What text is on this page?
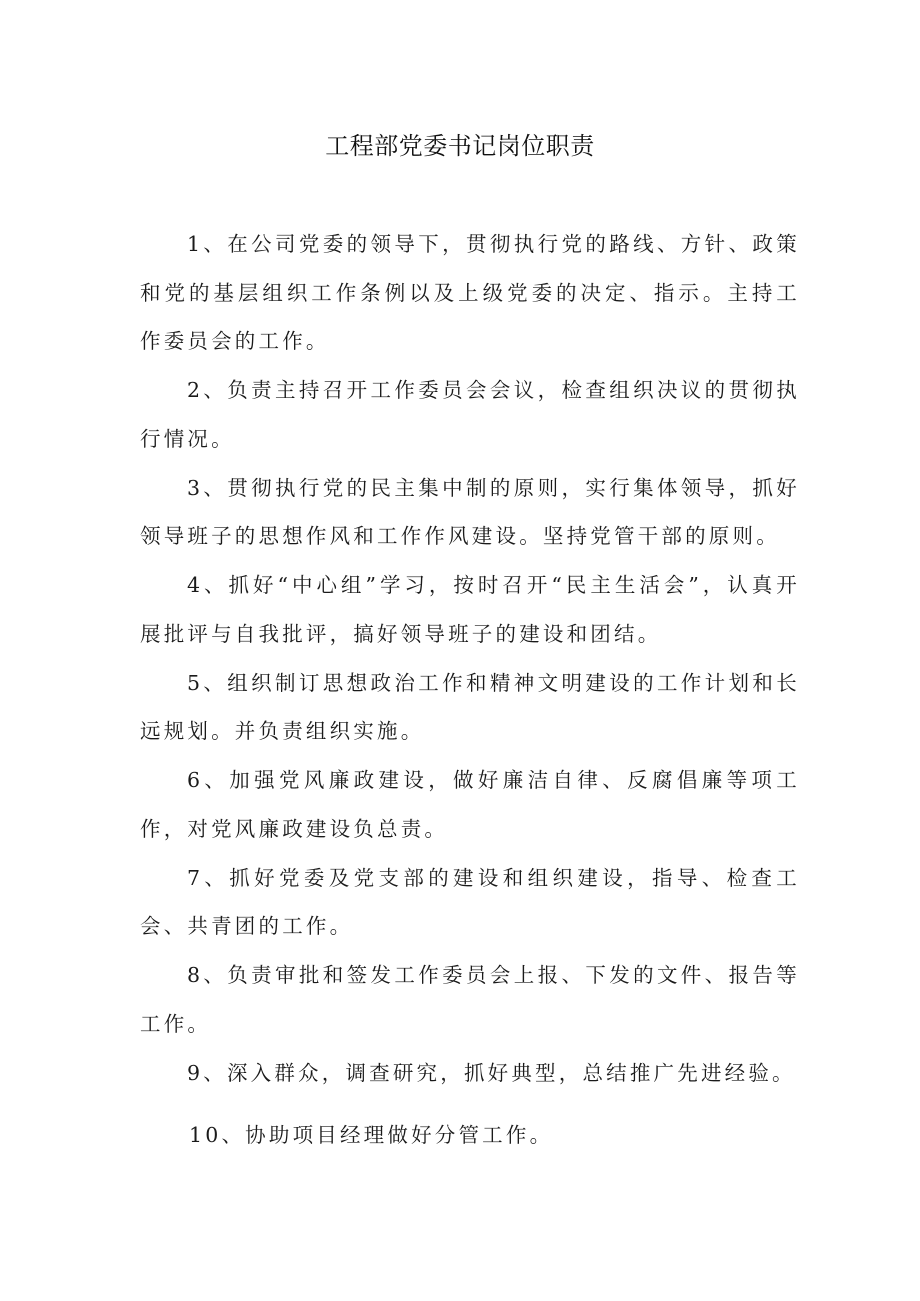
工程部党委书记岗位职责

1、在公司党委的领导下，贯彻执行党的路线、方针、政策和党的基层组织工作条例以及上级党委的决定、指示。主持工作委员会的工作。

2、负责主持召开工作委员会会议，检查组织决议的贯彻执行情况。

3、贯彻执行党的民主集中制的原则，实行集体领导，抓好领导班子的思想作风和工作作风建设。坚持党管干部的原则。

4、抓好“中心组”学习，按时召开“民主生活会”，认真开展批评与自我批评，搞好领导班子的建设和团结。

5、组织制订思想政治工作和精神文明建设的工作计划和长远规划。并负责组织实施。

6、加强党风廉政建设，做好廉洁自律、反腐倡廉等项工作，对党风廉政建设负总责。

7、抓好党委及党支部的建设和组织建设，指导、检查工会、共青团的工作。

8、负责审批和签发工作委员会上报、下发的文件、报告等工作。

9、深入群众，调查研究，抓好典型，总结推广先进经验。

10、协助项目经理做好分管工作。
